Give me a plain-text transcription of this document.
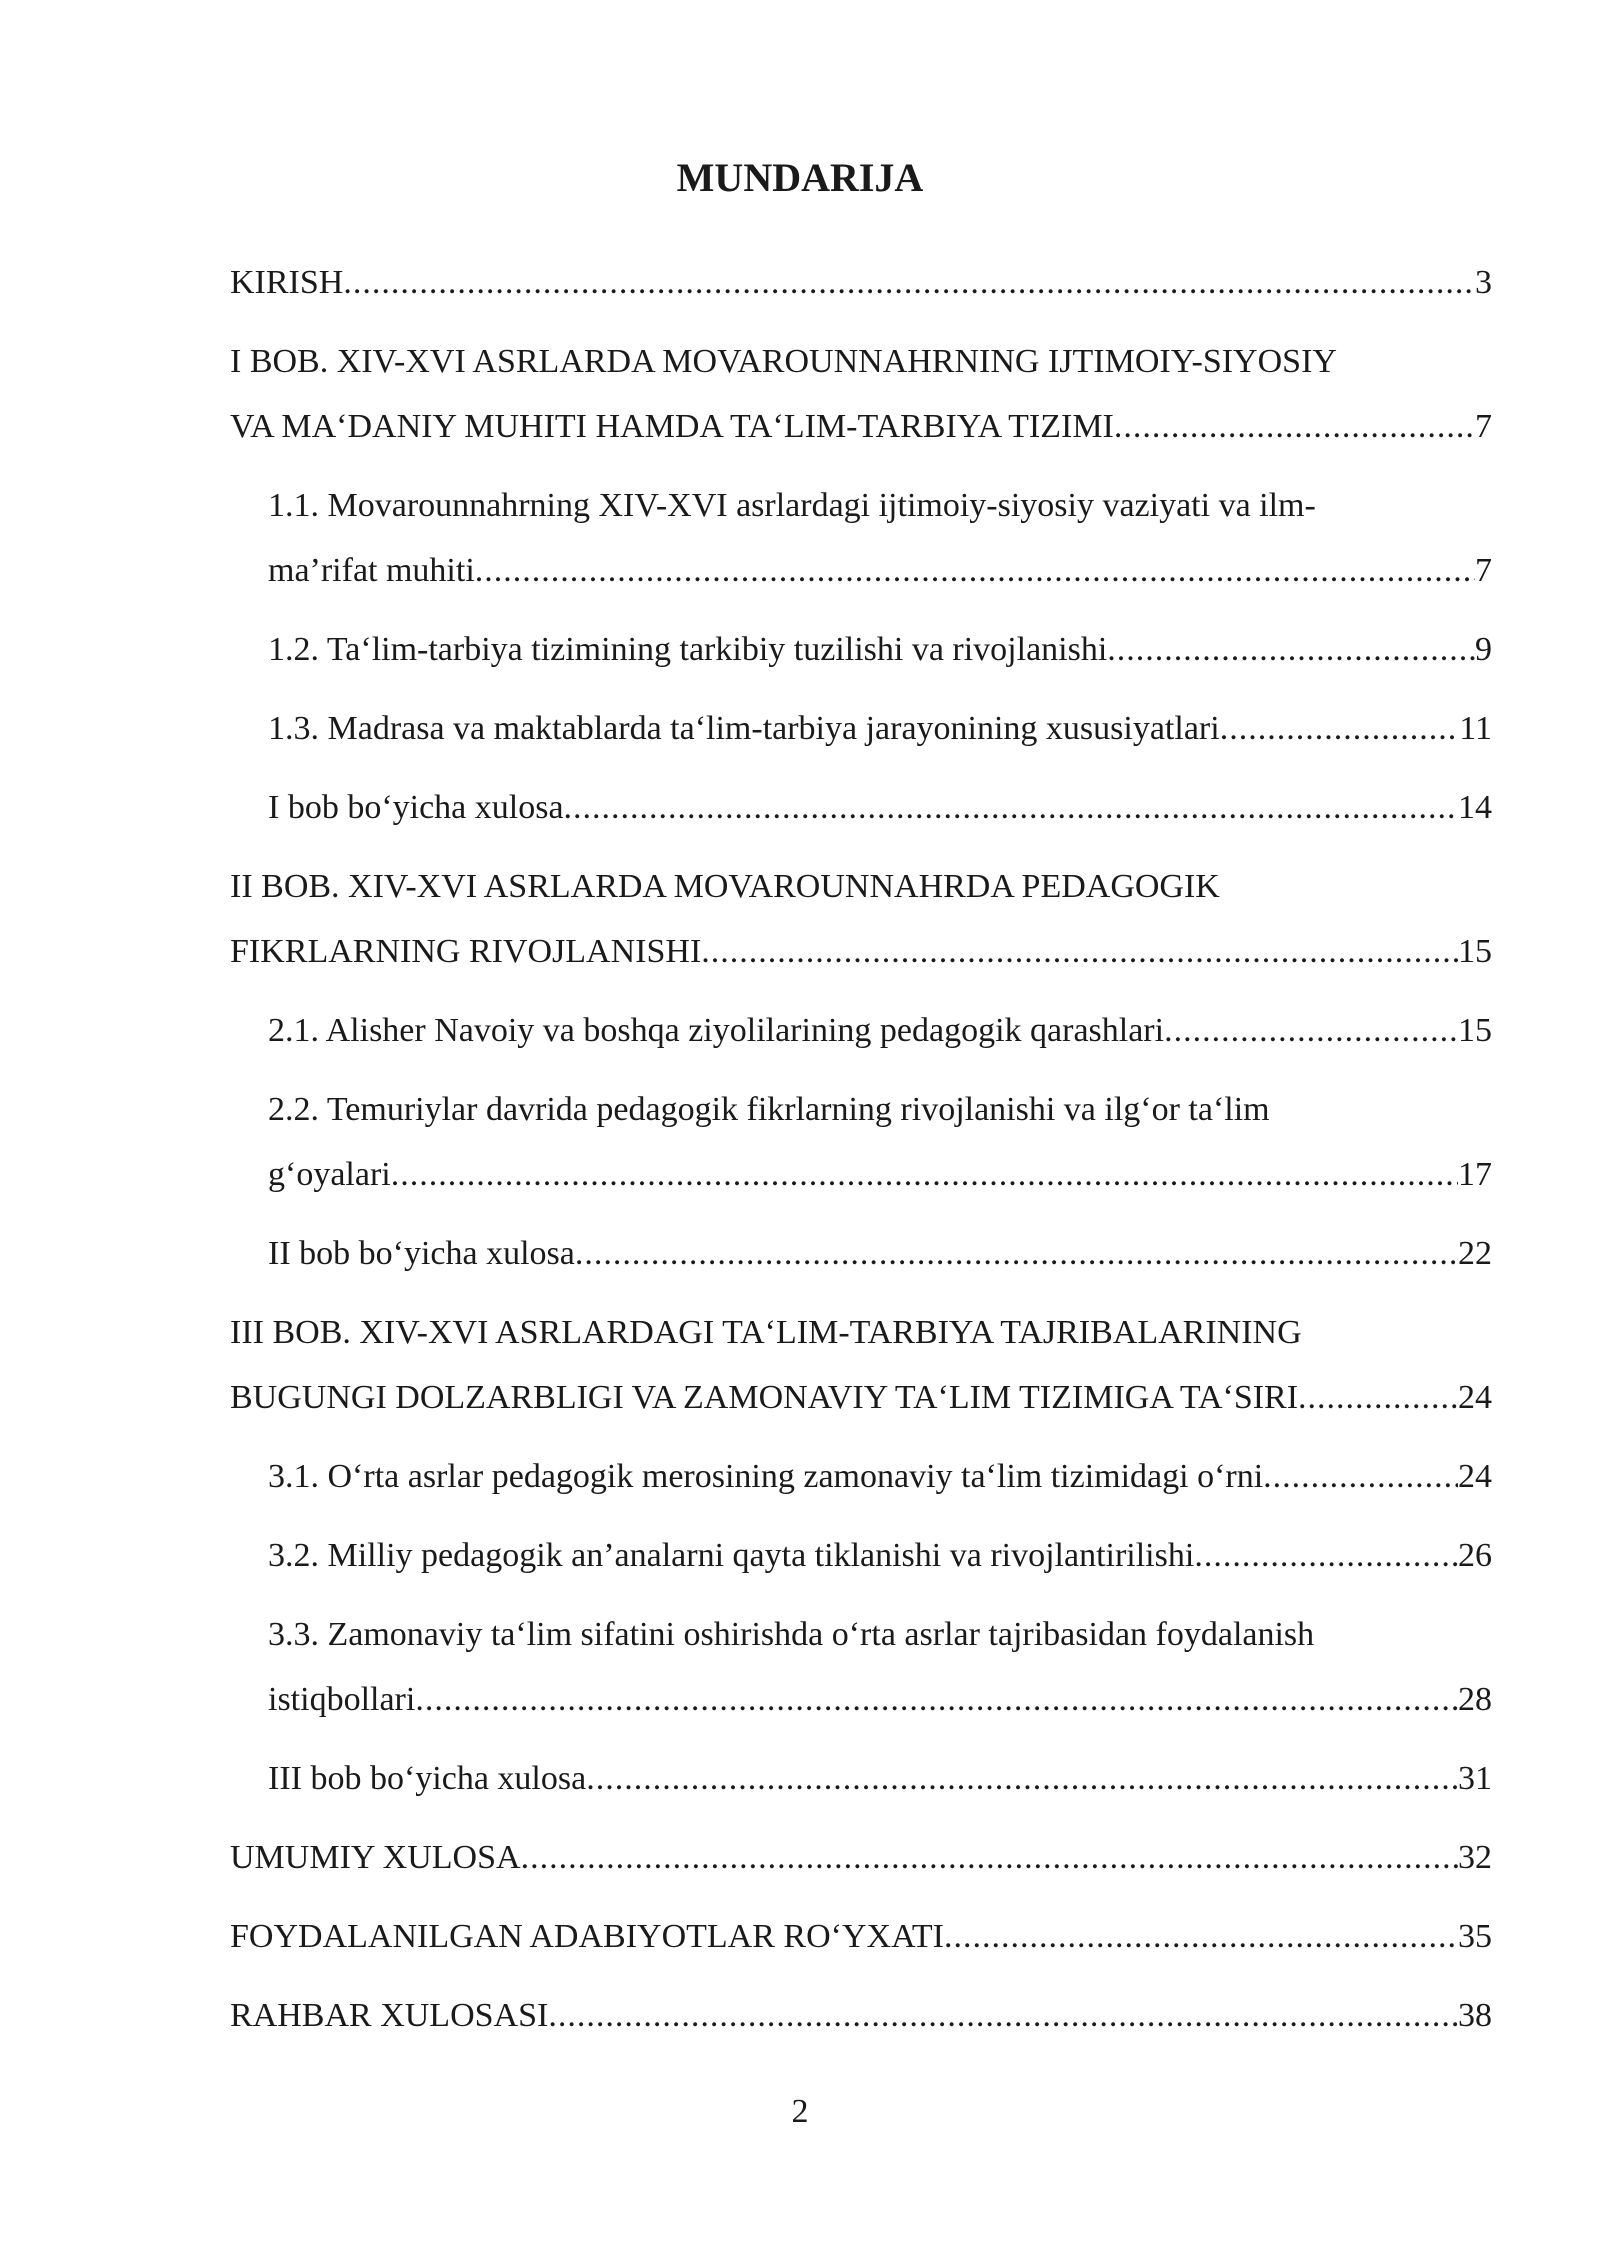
MUNDARIJA
KIRISH .....	3
I BOB. XIV-XVI ASRLARDA MOVAROUNNAHRNING IJTIMOIY-SIYOSIY
VA MA‘DANIY MUHITI HAMDA TA‘LIM-TARBIYA TIZIMI .....	7
1.1. Movarounnahrning XIV-XVI asrlardagi ijtimoiy-siyosiy vaziyati va ilm-
ma’rifat muhiti .....	7
1.2. Ta‘lim-tarbiya tizimining tarkibiy tuzilishi va rivojlanishi .....	9
1.3. Madrasa va maktablarda ta‘lim-tarbiya jarayonining xususiyatlari .....	11
I bob bo‘yicha xulosa .....	14
II BOB. XIV-XVI ASRLARDA MOVAROUNNAHRDA PEDAGOGIK
FIKRLARNING RIVOJLANISHI .....	15
2.1. Alisher Navoiy va boshqa ziyolilarining pedagogik qarashlari .....	15
2.2. Temuriylar davrida pedagogik fikrlarning rivojlanishi va ilg‘or ta‘lim
g‘oyalari .....	17
II bob bo‘yicha xulosa .....	22
III BOB. XIV-XVI ASRLARDAGI TA‘LIM-TARBIYA TAJRIBALARINING
BUGUNGI DOLZARBLIGI VA ZAMONAVIY TA‘LIM TIZIMIGA TA‘SIRI .....	24
3.1. O‘rta asrlar pedagogik merosining zamonaviy ta‘lim tizimidagi o‘rni .....	24
3.2. Milliy pedagogik an’analarni qayta tiklanishi va rivojlantirilishi .....	26
3.3. Zamonaviy ta‘lim sifatini oshirishda o‘rta asrlar tajribasidan foydalanish
istiqbollari .....	28
III bob bo‘yicha xulosa .....	31
UMUMIY XULOSA .....	32
FOYDALANILGAN ADABIYOTLAR RO‘YXATI .....	35
RAHBAR XULOSASI .....	38
2
